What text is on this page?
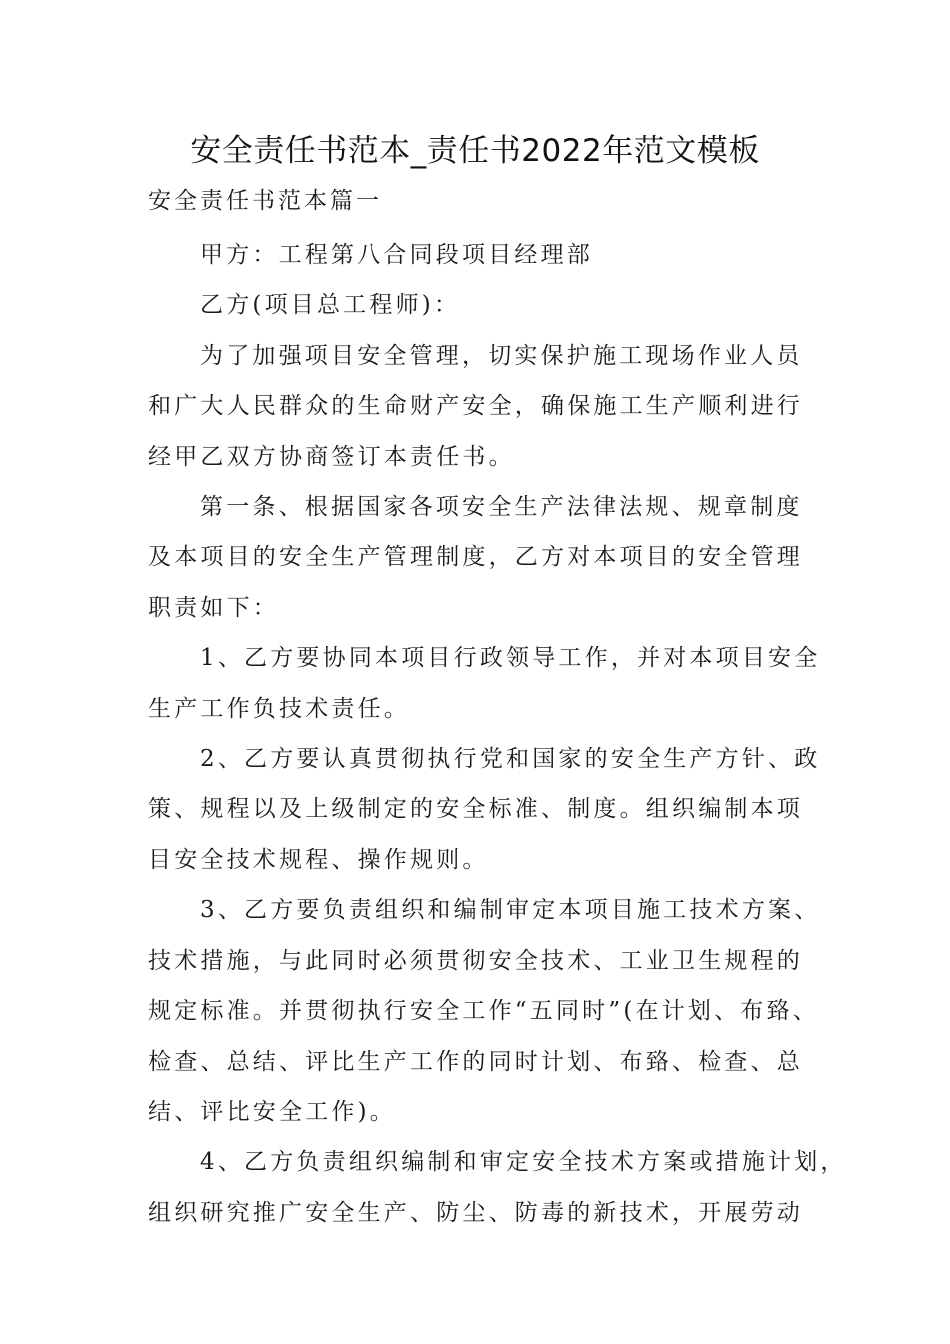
安全责任书范本_责任书2022年范文模板
安全责任书范本篇一

甲方：工程第八合同段项目经理部

乙方(项目总工程师)：

为了加强项目安全管理，切实保护施工现场作业人员
和广大人民群众的生命财产安全，确保施工生产顺利进行
经甲乙双方协商签订本责任书。

第一条、根据国家各项安全生产法律法规、规章制度
及本项目的安全生产管理制度，乙方对本项目的安全管理
职责如下：

1、乙方要协同本项目行政领导工作，并对本项目安全
生产工作负技术责任。

2、乙方要认真贯彻执行党和国家的安全生产方针、政
策、规程以及上级制定的安全标准、制度。组织编制本项
目安全技术规程、操作规则。

3、乙方要负责组织和编制审定本项目施工技术方案、
技术措施，与此同时必须贯彻安全技术、工业卫生规程的
规定标准。并贯彻执行安全工作“五同时”(在计划、布臵、
检查、总结、评比生产工作的同时计划、布臵、检查、总
结、评比安全工作)。

4、乙方负责组织编制和审定安全技术方案或措施计划，
组织研究推广安全生产、防尘、防毒的新技术，开展劳动
